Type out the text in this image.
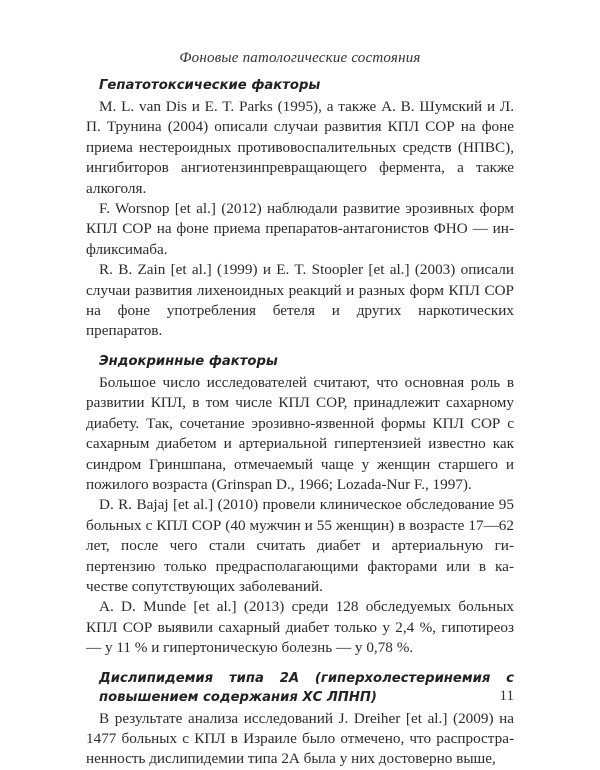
Фоновые патологические состояния
Гепатотоксические факторы

M. L. van Dis и E. T. Parks (1995), а также А. В. Шумский и Л. П. Трунина (2004) описали случаи развития КПЛ СОР на фоне приема нестероидных противовоспалительных средств (НПВС), ингибиторов ангиотензинпревращающего фермента, а также алкоголя.

F. Worsnop [et al.] (2012) наблюдали развитие эрозивных форм КПЛ СОР на фоне приема препаратов-антагонистов ФНО — инфликсимаба.

R. B. Zain [et al.] (1999) и E. T. Stoopler [et al.] (2003) описали случаи развития лихеноидных реакций и разных форм КПЛ СОР на фоне употребления бетеля и других наркотических препаратов.

Эндокринные факторы

Большое число исследователей считают, что основная роль в развитии КПЛ, в том числе КПЛ СОР, принадлежит сахарному диабету. Так, сочетание эрозивно-язвенной формы КПЛ СОР с сахарным диабетом и артериальной гипертензией известно как синдром Гриншпана, отмечаемый чаще у женщин старшего и пожилого возраста (Grinspan D., 1966; Lozada-Nur F., 1997).

D. R. Bajaj [et al.] (2010) провели клиническое обследование 95 больных с КПЛ СОР (40 мужчин и 55 женщин) в возрасте 17—62 лет, после чего стали считать диабет и артериальную гипертензию только предрасполагающими факторами или в качестве сопутствующих заболеваний.

A. D. Munde [et al.] (2013) среди 128 обследуемых больных КПЛ СОР выявили сахарный диабет только у 2,4 %, гипотиреоз — у 11 % и гипертоническую болезнь — у 0,78 %.

Дислипидемия типа 2А (гиперхолестеринемия с повышением содержания ХС ЛПНП)

В результате анализа исследований J. Dreiher [et al.] (2009) на 1477 больных с КПЛ в Израиле было отмечено, что распространенность дислипидемии типа 2А была у них достоверно выше,

11
